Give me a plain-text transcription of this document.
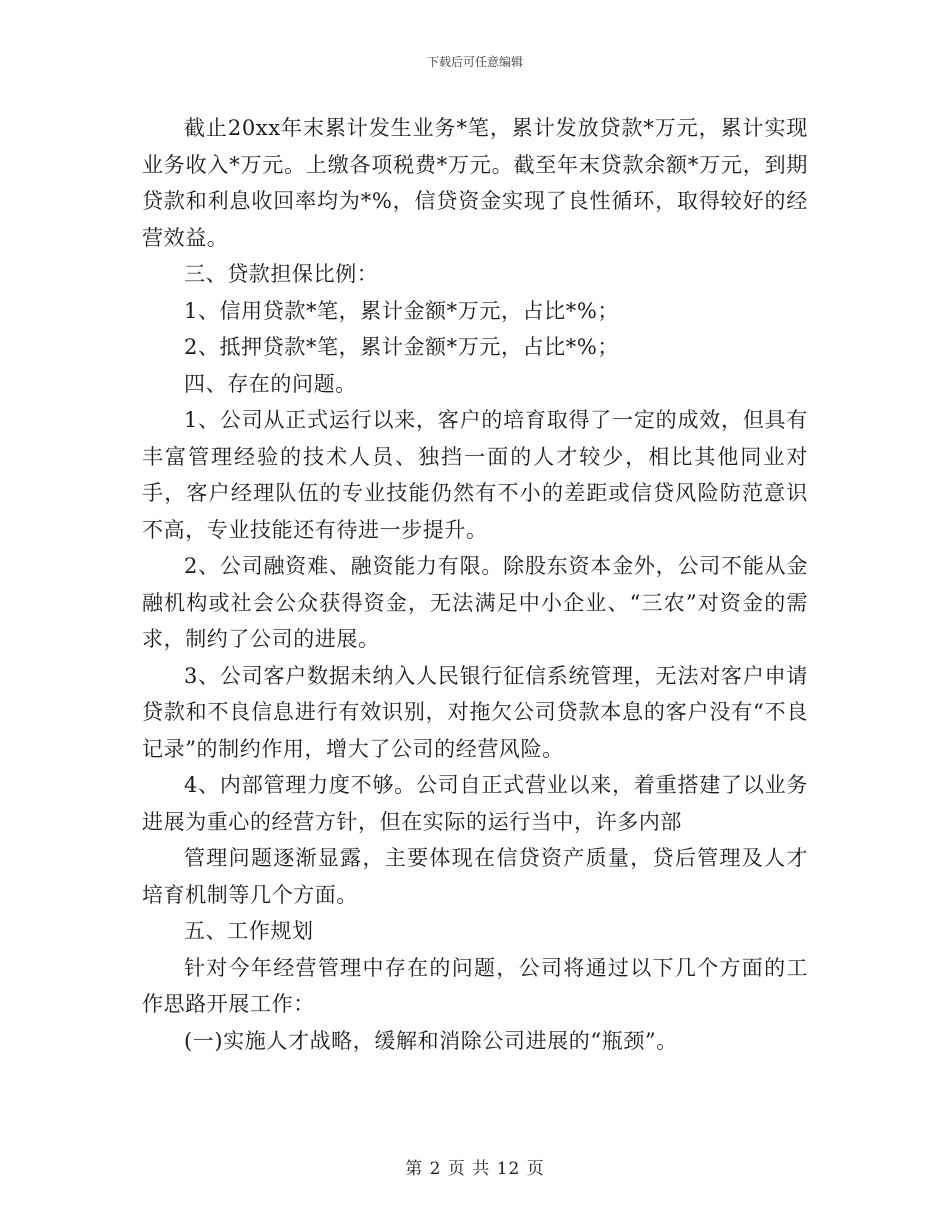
下载后可任意编辑

截止20xx年末累计发生业务*笔，累计发放贷款*万元，累计实现业务收入*万元。上缴各项税费*万元。截至年末贷款余额*万元，到期贷款和利息收回率均为*%，信贷资金实现了良性循环，取得较好的经营效益。

三、贷款担保比例：

1、信用贷款*笔，累计金额*万元，占比*%；

2、抵押贷款*笔，累计金额*万元，占比*%；

四、存在的问题。

1、公司从正式运行以来，客户的培育取得了一定的成效，但具有丰富管理经验的技术人员、独挡一面的人才较少，相比其他同业对手，客户经理队伍的专业技能仍然有不小的差距或信贷风险防范意识不高，专业技能还有待进一步提升。

2、公司融资难、融资能力有限。除股东资本金外，公司不能从金融机构或社会公众获得资金，无法满足中小企业、“三农”对资金的需求，制约了公司的进展。

3、公司客户数据未纳入人民银行征信系统管理，无法对客户申请贷款和不良信息进行有效识别，对拖欠公司贷款本息的客户没有“不良记录”的制约作用，增大了公司的经营风险。

4、内部管理力度不够。公司自正式营业以来，着重搭建了以业务进展为重心的经营方针，但在实际的运行当中，许多内部

管理问题逐渐显露，主要体现在信贷资产质量，贷后管理及人才培育机制等几个方面。

五、工作规划

针对今年经营管理中存在的问题，公司将通过以下几个方面的工作思路开展工作：

(一)实施人才战略，缓解和消除公司进展的“瓶颈”。

第 2 页 共 12 页
